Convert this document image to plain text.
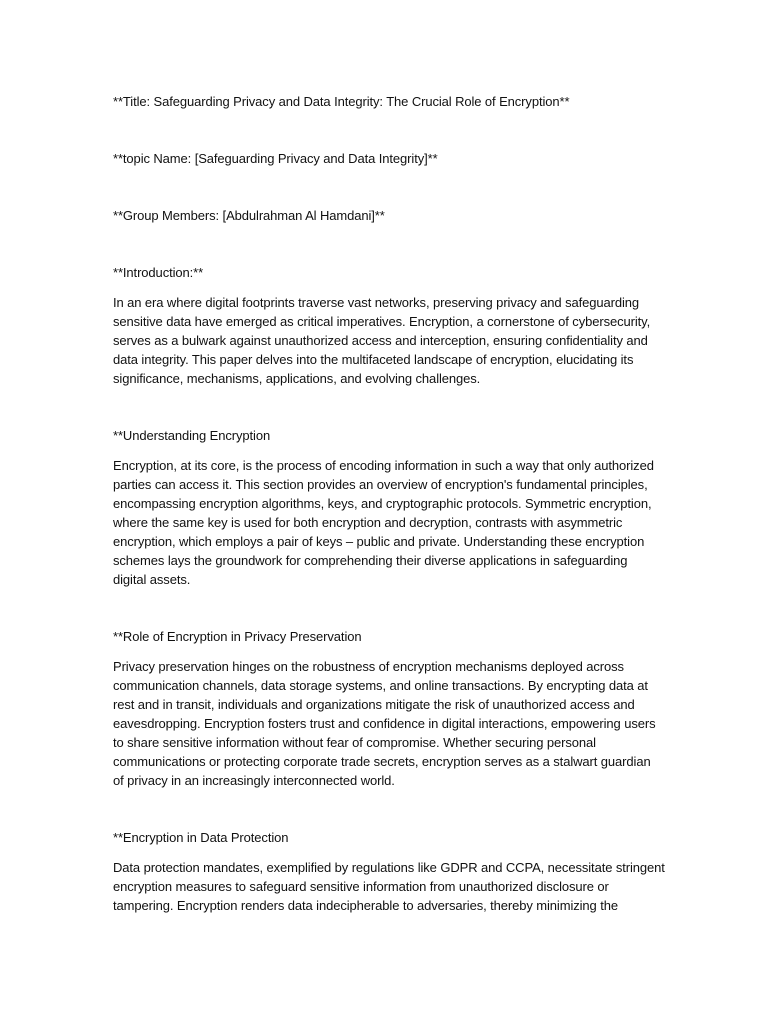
**Title: Safeguarding Privacy and Data Integrity: The Crucial Role of Encryption**

**topic Name: [Safeguarding Privacy and Data Integrity]**

**Group Members: [Abdulrahman Al Hamdani]**

**Introduction:**

In an era where digital footprints traverse vast networks, preserving privacy and safeguarding

sensitive data have emerged as critical imperatives. Encryption, a cornerstone of cybersecurity,

serves as a bulwark against unauthorized access and interception, ensuring confidentiality and

data integrity. This paper delves into the multifaceted landscape of encryption, elucidating its

significance, mechanisms, applications, and evolving challenges.

**Understanding Encryption

Encryption, at its core, is the process of encoding information in such a way that only authorized

parties can access it. This section provides an overview of encryption's fundamental principles,

encompassing encryption algorithms, keys, and cryptographic protocols. Symmetric encryption,

where the same key is used for both encryption and decryption, contrasts with asymmetric

encryption, which employs a pair of keys – public and private. Understanding these encryption

schemes lays the groundwork for comprehending their diverse applications in safeguarding

digital assets.

**Role of Encryption in Privacy Preservation

Privacy preservation hinges on the robustness of encryption mechanisms deployed across

communication channels, data storage systems, and online transactions. By encrypting data at

rest and in transit, individuals and organizations mitigate the risk of unauthorized access and

eavesdropping. Encryption fosters trust and confidence in digital interactions, empowering users

to share sensitive information without fear of compromise. Whether securing personal

communications or protecting corporate trade secrets, encryption serves as a stalwart guardian

of privacy in an increasingly interconnected world.

**Encryption in Data Protection

Data protection mandates, exemplified by regulations like GDPR and CCPA, necessitate stringent

encryption measures to safeguard sensitive information from unauthorized disclosure or

tampering. Encryption renders data indecipherable to adversaries, thereby minimizing the
